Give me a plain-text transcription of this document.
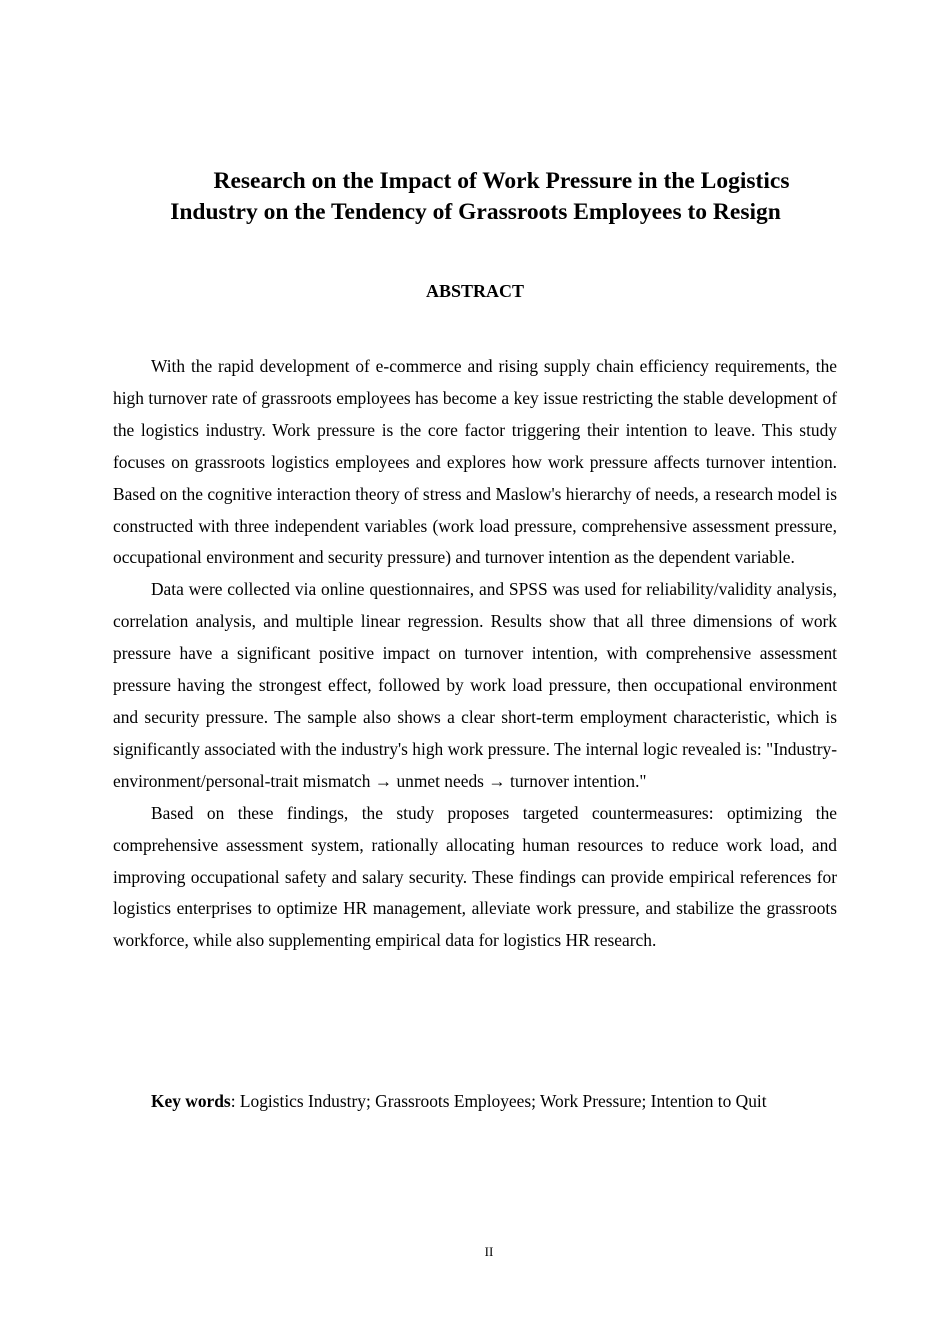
Research on the Impact of Work Pressure in the Logistics
Industry on the Tendency of Grassroots Employees to Resign
ABSTRACT

With the rapid development of e-commerce and rising supply chain efficiency requirements, the high turnover rate of grassroots employees has become a key issue restricting the stable development of the logistics industry. Work pressure is the core factor triggering their intention to leave. This study focuses on grassroots logistics employees and explores how work pressure affects turnover intention. Based on the cognitive interaction theory of stress and Maslow's hierarchy of needs, a research model is constructed with three independent variables (work load pressure, comprehensive assessment pressure, occupational environment and security pressure) and turnover intention as the dependent variable.

Data were collected via online questionnaires, and SPSS was used for reliability/validity analysis, correlation analysis, and multiple linear regression. Results show that all three dimensions of work pressure have a significant positive impact on turnover intention, with comprehensive assessment pressure having the strongest effect, followed by work load pressure, then occupational environment and security pressure. The sample also shows a clear short-term employment characteristic, which is significantly associated with the industry's high work pressure. The internal logic revealed is: "Industry-environment/personal-trait mismatch → unmet needs → turnover intention."

Based on these findings, the study proposes targeted countermeasures: optimizing the comprehensive assessment system, rationally allocating human resources to reduce work load, and improving occupational safety and salary security. These findings can provide empirical references for logistics enterprises to optimize HR management, alleviate work pressure, and stabilize the grassroots workforce, while also supplementing empirical data for logistics HR research.

Key words: Logistics Industry; Grassroots Employees; Work Pressure; Intention to Quit

II
